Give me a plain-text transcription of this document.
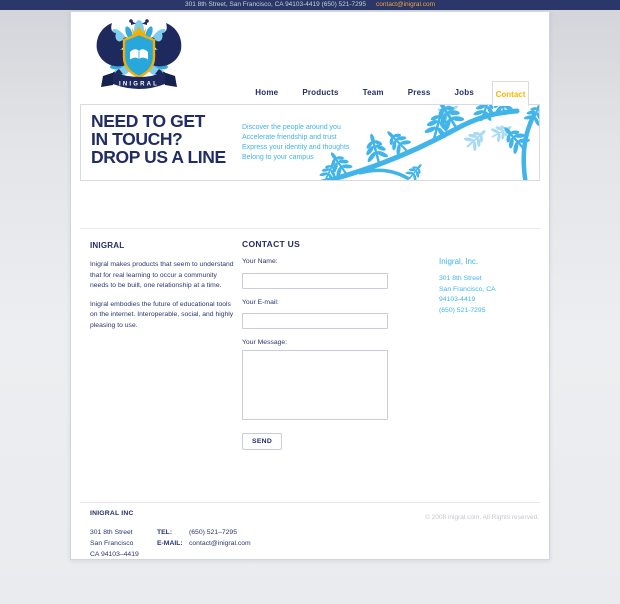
301 8th Street, San Francisco, CA 94103-4419 (650) 521-7295 contact@inigral.com
INIGRAL
Home	Products	Team	Press	Jobs	Contact
NEED TO GET
IN TOUCH?
DROP US A LINE
Discover the people around you
Accelerate friendship and trust
Express your identity and thoughts
Belong to your campus
INIGRAL

Inigral makes products that seem to understand that for real learning to occur a community needs to be built, one relationship at a time.

Inigral embodies the future of educational tools on the internet. Interoperable, social, and highly pleasing to use.

CONTACT US
Your Name:
Your E-mail:
Your Message:
SEND
Inigral, Inc.
301 8th Street
San Francisco, CA
94103-4419
(650) 521-7295
INIGRAL INC
© 2008 inigral.com. All Rights reserved.
301 8th Street
San Francisco
CA 94103–4419
TEL:	(650) 521–7295
E-MAIL: contact@inigral.com
